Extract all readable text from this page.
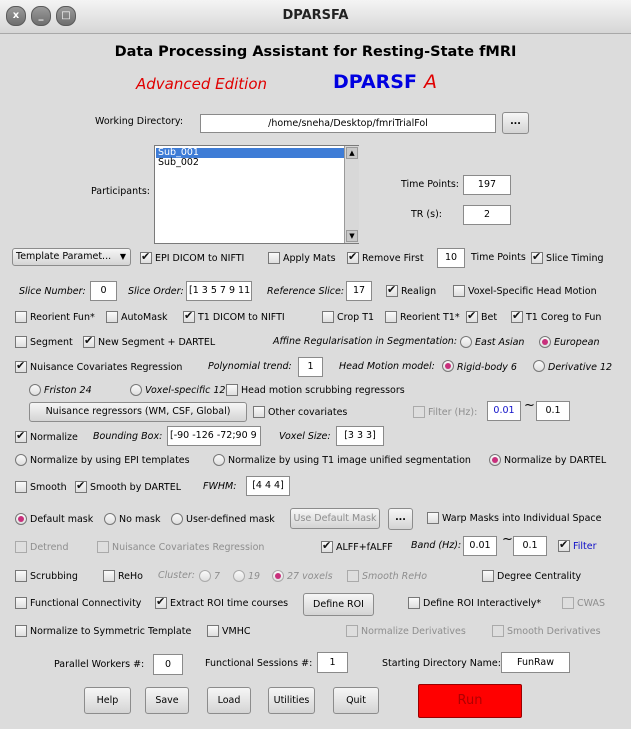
x	_	□	DPARSFA
Data Processing Assistant for Resting-State fMRI
Advanced Edition	DPARSF A
Working Directory:	/home/sneha/Desktop/fmriTrialFol	...
Participants:
Sub_001
Sub_002
▲
▼
Time Points:	197
TR (s):	2
Template Paramet... ▼ ✔	EPI DICOM to NIFTI	Apply Mats ✔	Remove First	10	Time Points ✔ Slice Timing
Slice Number:	0	Slice Order: [1 3 5 7 9 11 Reference Slice: 17 ✔	Realign	Voxel-Specific Head Motion
Reorient Fun*	AutoMask ✔	T1 DICOM to NIFTI	Crop T1	Reorient T1* ✔ Bet ✔	T1 Coreg to Fun
Segment ✔	New Segment + DARTEL	Affine Regularisation in Segmentation: East Asian	European
✔
Nuisance Covariates Regression	Polynomial trend:	1	Head Motion model: Rigid-body 6	Derivative 12
Friston 24	Voxel-specific 12 Head motion scrubbing regressors
Nuisance regressors (WM, CSF, Global)	Other covariates	Filter (Hz):	0.01 ~	0.1
✔
Normalize Bounding Box: [-90 -126 -72;90 9	Voxel Size:	[3 3 3]
Normalize by using EPI templates	Normalize by using T1 image unified segmentation	Normalize by DARTEL
Smooth ✔ Smooth by DARTEL FWHM:	[4 4 4]
Default mask	No mask	User-defined mask	Use Default Mask	...	Warp Masks into Individual Space
Detrend	Nuisance Covariates Regression ✔	ALFF+fALFF Band (Hz): 0.01 ~	0.1 ✔	Filter
Scrubbing	ReHo Cluster: 7	19	27 voxels	Smooth ReHo	Degree Centrality
Functional Connectivity ✔	Extract ROI time courses	Define ROI	Define ROI Interactively*	CWAS
Normalize to Symmetric Template	VMHC	Normalize Derivatives	Smooth Derivatives
Parallel Workers #:	0	Functional Sessions #:	1	Starting Directory Name:	FunRaw
Help	Save	Load	Utilities	Quit	Run
